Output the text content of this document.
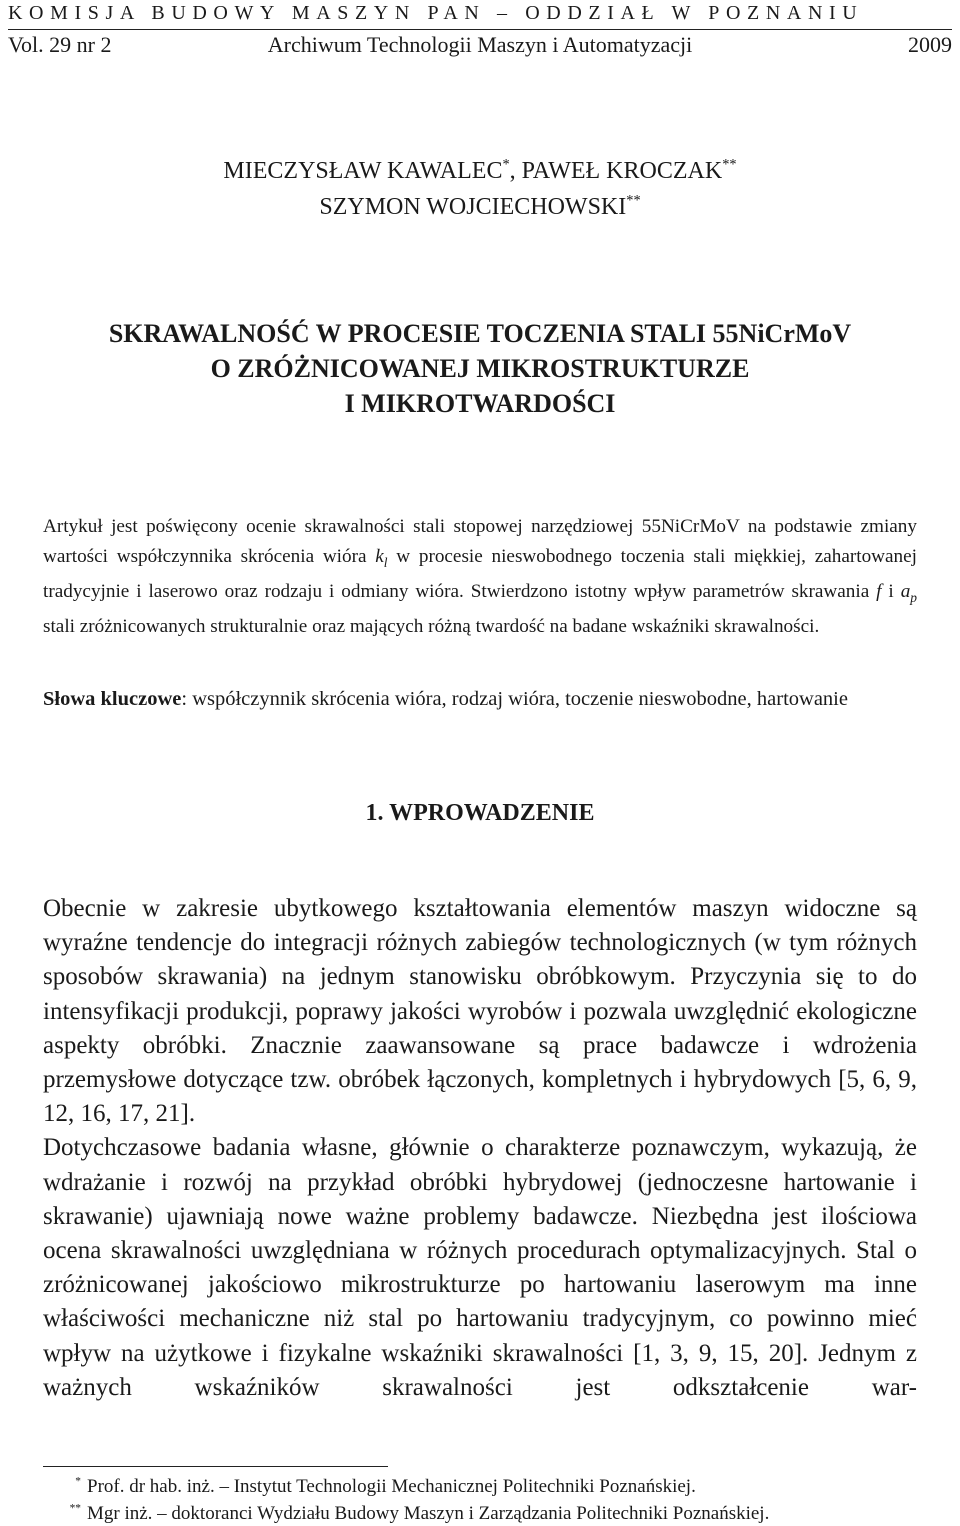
KOMISJA BUDOWY MASZYN PAN – ODDZIAŁ W POZNANIU
Vol. 29 nr 2	Archiwum Technologii Maszyn i Automatyzacji	2009
MIECZYSŁAW KAWALEC*, PAWEŁ KROCZAK**
SZYMON WOJCIECHOWSKI**
SKRAWALNOŚĆ W PROCESIE TOCZENIA STALI 55NiCrMoV
O ZRÓŻNICOWANEJ MIKROSTRUKTURZE
I MIKROTWARDOŚCI
Artykuł jest poświęcony ocenie skrawalności stali stopowej narzędziowej 55NiCrMoV na podstawie zmiany wartości współczynnika skrócenia wióra $k_l$ w procesie nieswobodnego toczenia stali miękkiej, zahartowanej tradycyjnie i laserowo oraz rodzaju i odmiany wióra. Stwierdzono istotny wpływ parametrów skrawania f i $a_p$ stali zróżnicowanych strukturalnie oraz mających różną twardość na badane wskaźniki skrawalności.
Słowa kluczowe: współczynnik skrócenia wióra, rodzaj wióra, toczenie nieswobodne, hartowanie
1. WPROWADZENIE

Obecnie w zakresie ubytkowego kształtowania elementów maszyn widoczne są wyraźne tendencje do integracji różnych zabiegów technologicznych (w tym różnych sposobów skrawania) na jednym stanowisku obróbkowym. Przyczynia się to do intensyfikacji produkcji, poprawy jakości wyrobów i pozwala uwzględnić ekologiczne aspekty obróbki. Znacznie zaawansowane są prace badawcze i wdrożenia przemysłowe dotyczące tzw. obróbek łączonych, kompletnych i hybrydowych [5, 6, 9, 12, 16, 17, 21].

Dotychczasowe badania własne, głównie o charakterze poznawczym, wykazują, że wdrażanie i rozwój na przykład obróbki hybrydowej (jednoczesne hartowanie i skrawanie) ujawniają nowe ważne problemy badawcze. Niezbędna jest ilościowa ocena skrawalności uwzględniana w różnych procedurach optymalizacyjnych. Stal o zróżnicowanej jakościowo mikrostrukturze po hartowaniu laserowym ma inne właściwości mechaniczne niż stal po hartowaniu tradycyjnym, co powinno mieć wpływ na użytkowe i fizykalne wskaźniki skrawalności [1, 3, 9, 15, 20]. Jednym z ważnych wskaźników skrawalności jest odkształcenie war-

* Prof. dr hab. inż. – Instytut Technologii Mechanicznej Politechniki Poznańskiej.
** Mgr inż. – doktoranci Wydziału Budowy Maszyn i Zarządzania Politechniki Poznańskiej.
